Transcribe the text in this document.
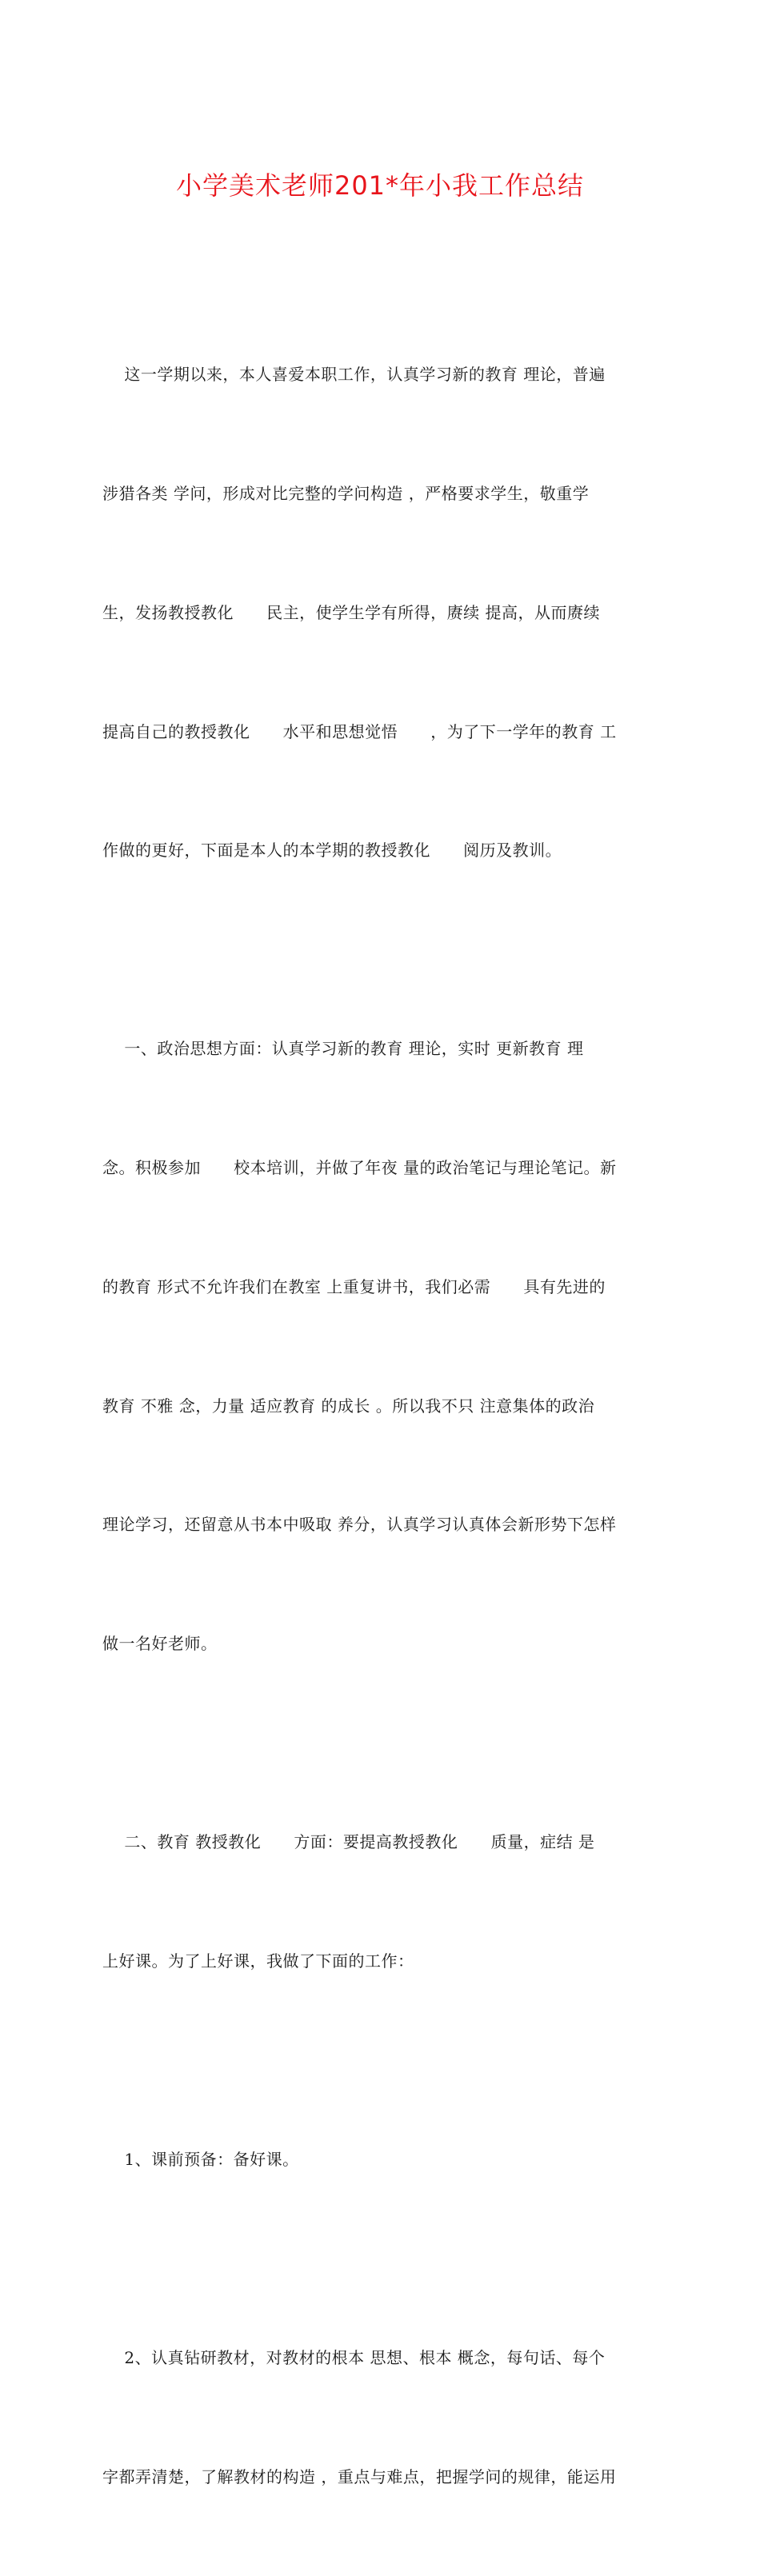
小学美术老师201*年小我工作总结

这一学期以来，本人喜爱本职工作，认真学习新的教育 理论，普遍

涉猎各类 学问，形成对比完整的学问构造 ，严格要求学生，敬重学

生，发扬教授教化      民主，使学生学有所得，赓续 提高，从而赓续

提高自己的教授教化      水平和思想觉悟      ，为了下一学年的教育 工

作做的更好，下面是本人的本学期的教授教化      阅历及教训。

一、政治思想方面：认真学习新的教育 理论，实时 更新教育 理

念。积极参加      校本培训，并做了年夜 量的政治笔记与理论笔记。新

的教育 形式不允许我们在教室 上重复讲书，我们必需      具有先进的

教育 不雅 念，力量 适应教育 的成长 。所以我不只 注意集体的政治

理论学习，还留意从书本中吸取 养分，认真学习认真体会新形势下怎样

做一名好老师。

二、教育 教授教化      方面：要提高教授教化      质量，症结 是

上好课。为了上好课，我做了下面的工作：

1、课前预备：备好课。

2、认真钻研教材，对教材的根本 思想、根本 概念，每句话、每个

字都弄清楚，了解教材的构造 ，重点与难点，把握学问的规律，能运用
